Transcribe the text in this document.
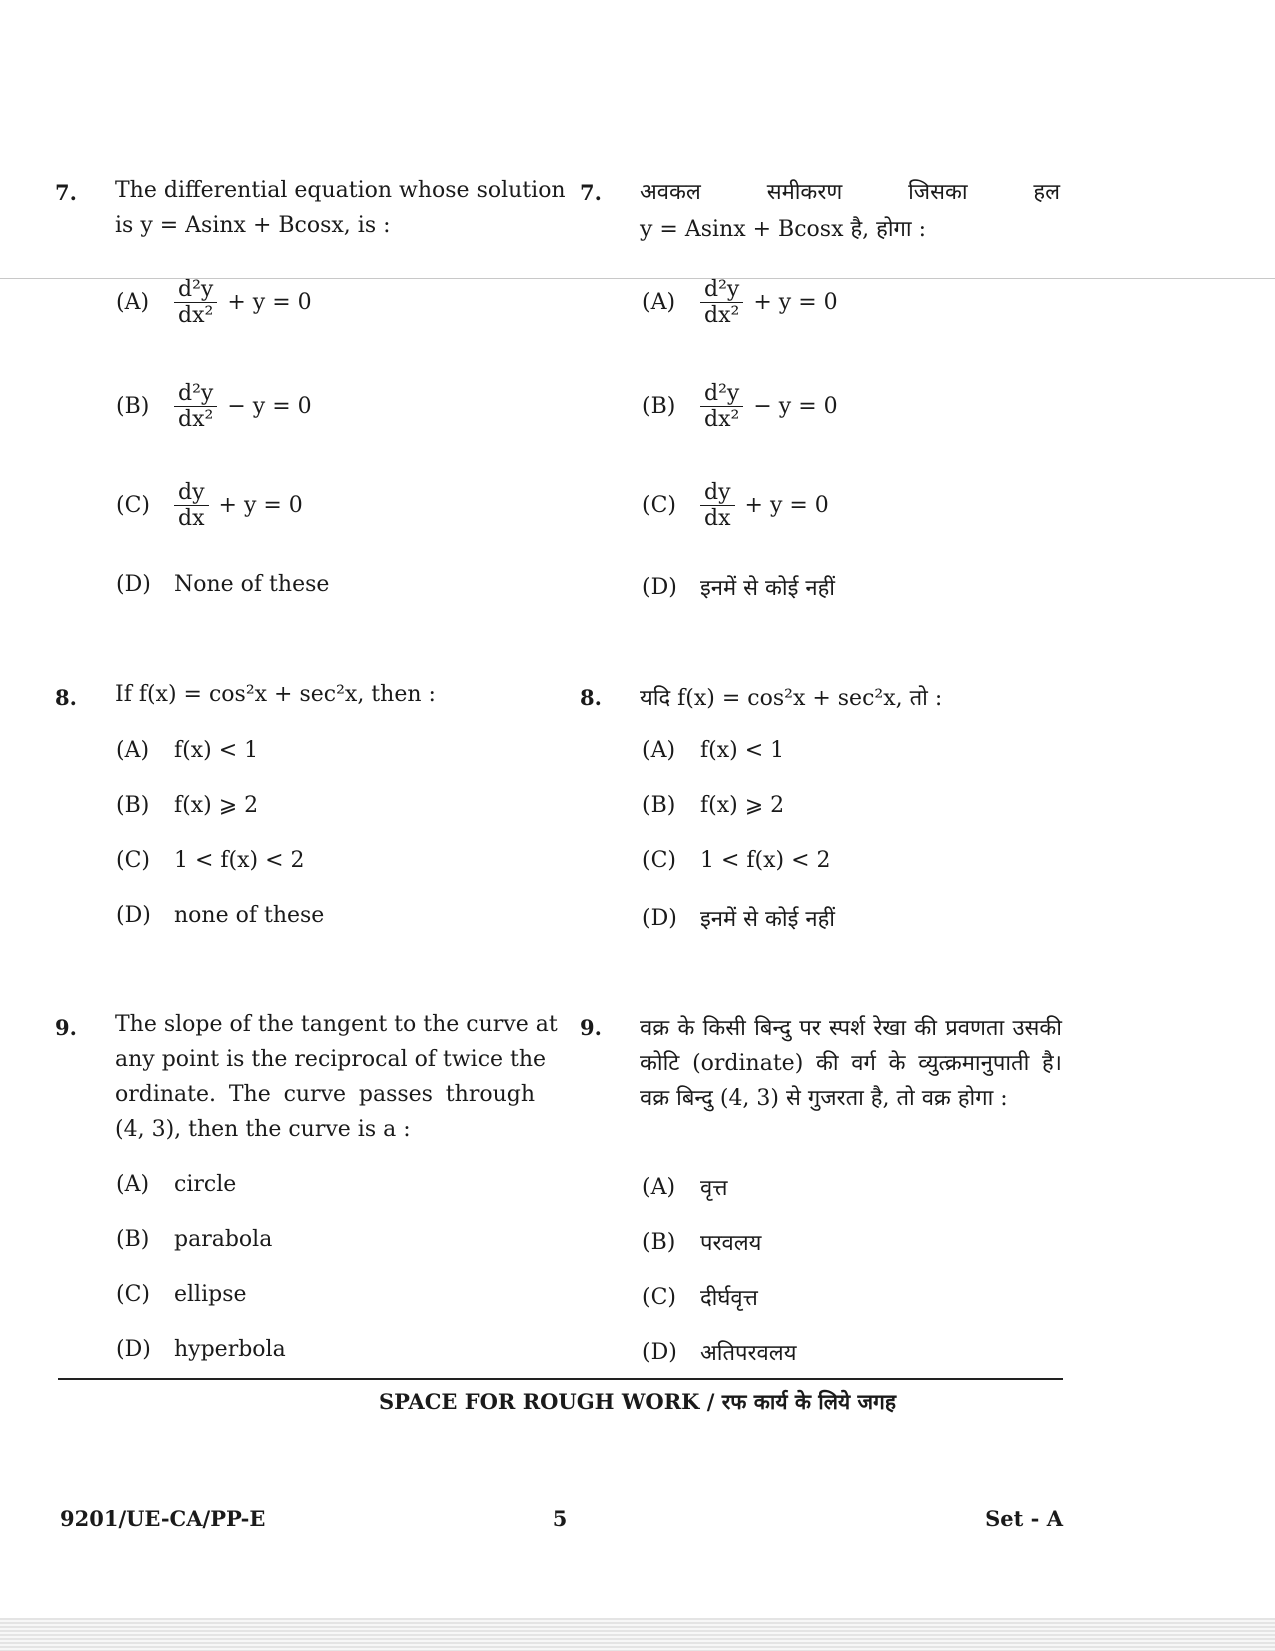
7. The differential equation whose solution
is y = Asinx + Bcosx, is :
7. अवकल समीकरण जिसका हल
y = Asinx + Bcosx है, होगा :
(A)	$\frac{\text{d²y}}{\text{dx²}} + y = 0$
(B)	$\frac{\text{d²y}}{\text{dx²}} - y = 0$
(C)	$\frac{dy}{dx} + y = 0$
(D)	None of these
(A)	$\frac{\text{d²y}}{\text{dx²}} + y = 0$
(B)	$\frac{\text{d²y}}{\text{dx²}} - y = 0$
(C)	$\frac{dy}{dx} + y = 0$
(D)	इनमें से कोई नहीं
8. If f(x) = cos²x + sec²x, then :	8. यदि f(x) = cos²x + sec²x, तो :
(A)	f(x) < 1
(B)	f(x) ⩾ 2
(C)	1 < f(x) < 2
(D)	none of these
(A)	f(x) < 1
(B)	f(x) ⩾ 2
(C)	1 < f(x) < 2
(D)	इनमें से कोई नहीं
9. The slope of the tangent to the curve at
any point is the reciprocal of twice the
ordinate. The curve passes through
(4, 3), then the curve is a :
9. वक्र के किसी बिन्दु पर स्पर्श रेखा की प्रवणता उसकी
कोटि (ordinate) की वर्ग के व्युत्क्रमानुपाती है।
वक्र बिन्दु (4, 3) से गुजरता है, तो वक्र होगा :
(A)	circle
(B)	parabola
(C)	ellipse
(D)	hyperbola
(A)	वृत्त
(B)	परवलय
(C)	दीर्घवृत्त
(D)	अतिपरवलय
SPACE FOR ROUGH WORK / रफ कार्य के लिये जगह
9201/UE-CA/PP-E	5	Set - A
